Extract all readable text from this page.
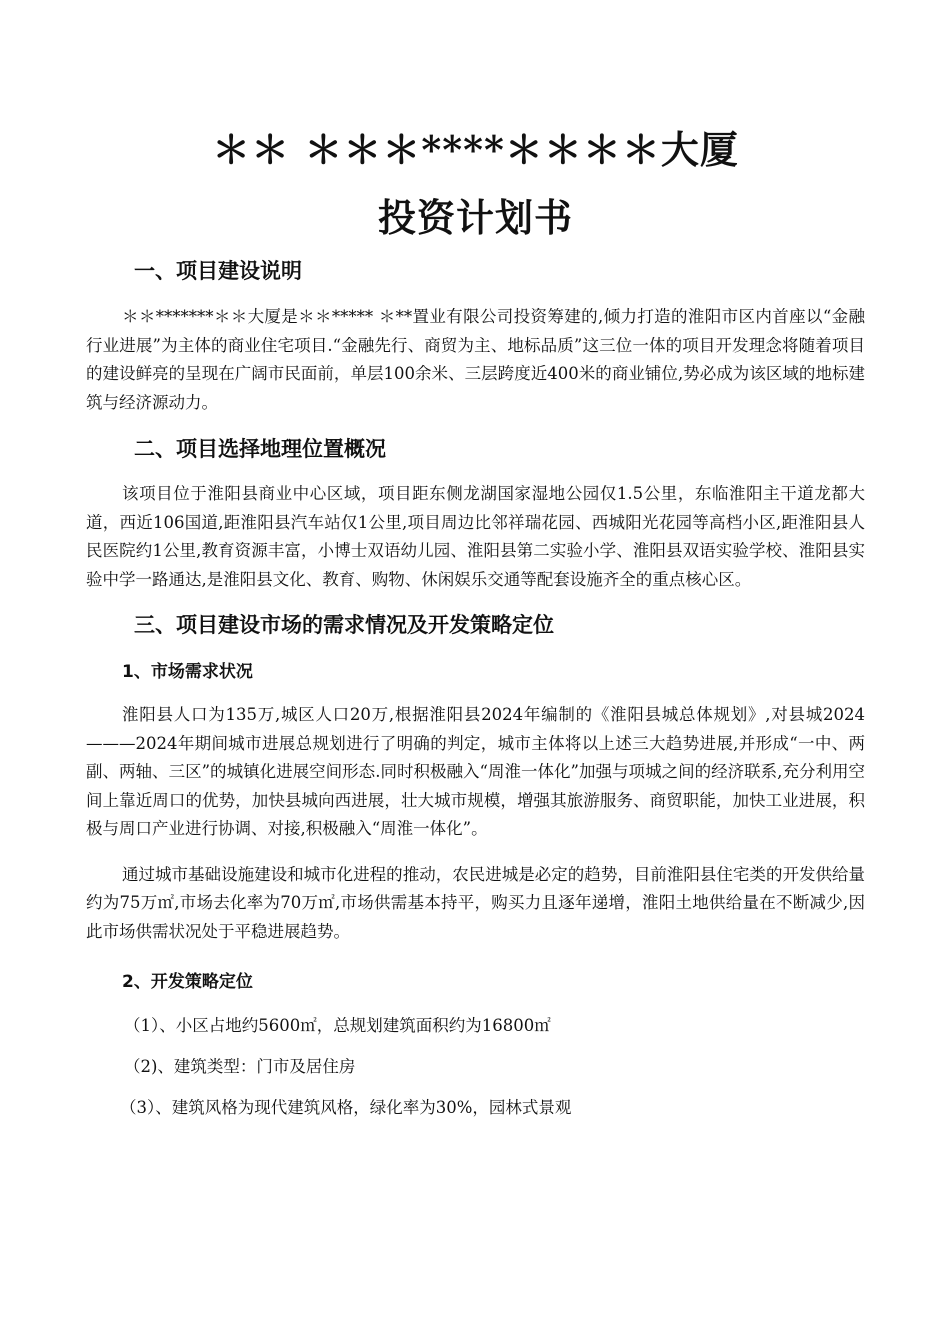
＊＊ ＊＊＊****＊＊＊＊大厦
投资计划书
一、项目建设说明

＊＊*******＊＊大厦是＊＊***** ＊**置业有限公司投资筹建的,倾力打造的淮阳市区内首座以“金融行业进展”为主体的商业住宅项目.“金融先行、商贸为主、地标品质”这三位一体的项目开发理念将随着项目的建设鲜亮的呈现在广阔市民面前，单层100余米、三层跨度近400米的商业铺位,势必成为该区域的地标建筑与经济源动力。

二、项目选择地理位置概况

该项目位于淮阳县商业中心区域，项目距东侧龙湖国家湿地公园仅1.5公里，东临淮阳主干道龙都大道，西近106国道,距淮阳县汽车站仅1公里,项目周边比邻祥瑞花园、西城阳光花园等高档小区,距淮阳县人民医院约1公里,教育资源丰富，小博士双语幼儿园、淮阳县第二实验小学、淮阳县双语实验学校、淮阳县实验中学一路通达,是淮阳县文化、教育、购物、休闲娱乐交通等配套设施齐全的重点核心区。

三、项目建设市场的需求情况及开发策略定位
1、市场需求状况

淮阳县人口为135万,城区人口20万,根据淮阳县2024年编制的《淮阳县城总体规划》,对县城2024———2024年期间城市进展总规划进行了明确的判定，城市主体将以上述三大趋势进展,并形成“一中、两副、两轴、三区”的城镇化进展空间形态.同时积极融入“周淮一体化”加强与项城之间的经济联系,充分利用空间上靠近周口的优势，加快县城向西进展，壮大城市规模，增强其旅游服务、商贸职能，加快工业进展，积极与周口产业进行协调、对接,积极融入“周淮一体化”。

通过城市基础设施建设和城市化进程的推动，农民进城是必定的趋势，目前淮阳县住宅类的开发供给量约为75万㎡,市场去化率为70万㎡,市场供需基本持平，购买力且逐年递增，淮阳土地供给量在不断减少,因此市场供需状况处于平稳进展趋势。

2、开发策略定位

（1）、小区占地约5600㎡，总规划建筑面积约为16800㎡

（2)、建筑类型：门市及居住房

（3）、建筑风格为现代建筑风格，绿化率为30%，园林式景观
